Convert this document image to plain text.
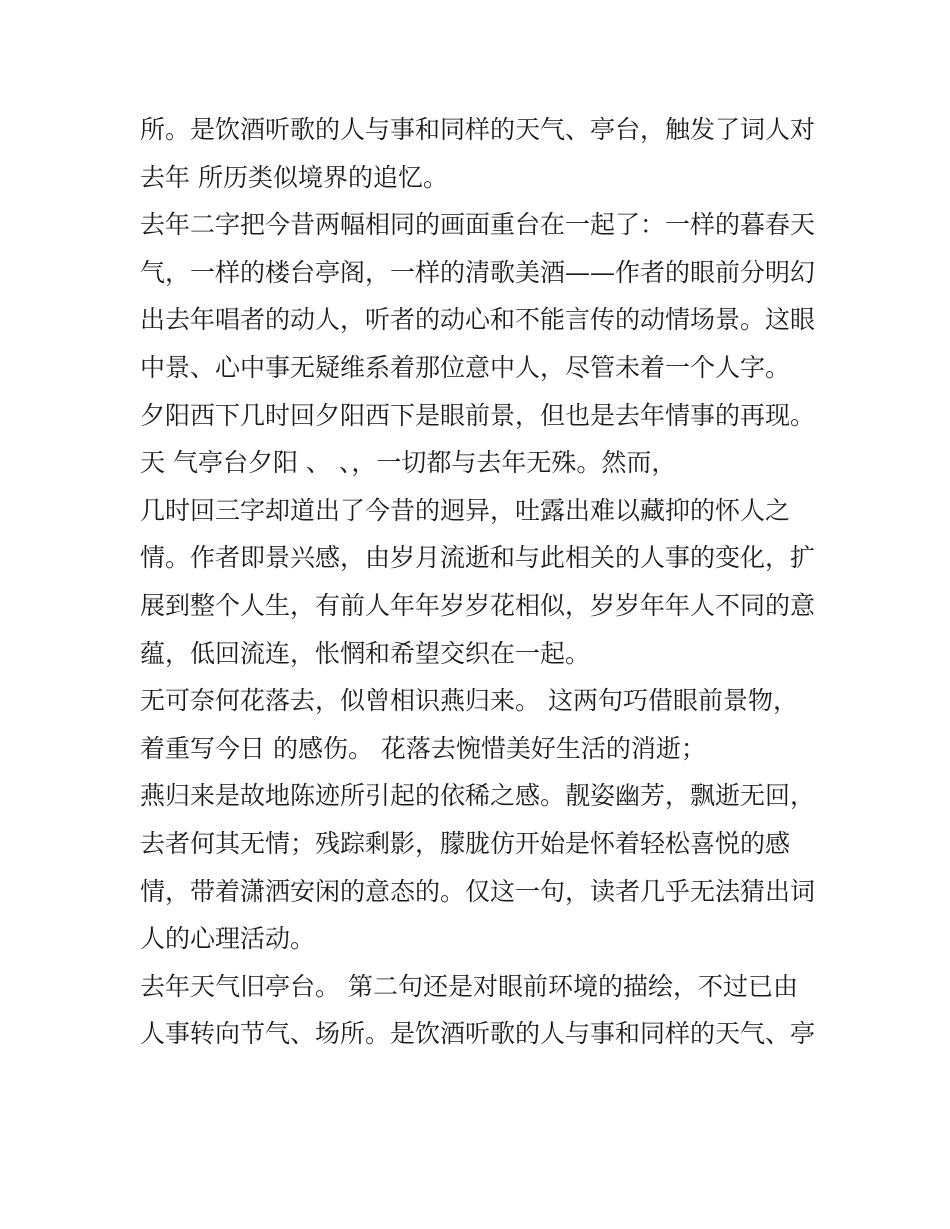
所。是饮酒听歌的人与事和同样的天气、亭台，触发了词人对
去年 所历类似境界的追忆。
去年二字把今昔两幅相同的画面重台在一起了：一样的暮春天
气，一样的楼台亭阁，一样的清歌美酒——作者的眼前分明幻
出去年唱者的动人，听者的动心和不能言传的动情场景。这眼
中景、心中事无疑维系着那位意中人，尽管未着一个人字。
夕阳西下几时回夕阳西下是眼前景，但也是去年情事的再现。
天 气亭台夕阳 、 、，一切都与去年无殊。然而，
几时回三字却道出了今昔的迥异，吐露出难以藏抑的怀人之
情。作者即景兴感，由岁月流逝和与此相关的人事的变化，扩
展到整个人生，有前人年年岁岁花相似，岁岁年年人不同的意
蕴，低回流连，怅惘和希望交织在一起。
无可奈何花落去，似曾相识燕归来。 这两句巧借眼前景物，
着重写今日 的感伤。 花落去惋惜美好生活的消逝；
燕归来是故地陈迹所引起的依稀之感。靓姿幽芳，飘逝无回，
去者何其无情；残踪剩影，朦胧仿开始是怀着轻松喜悦的感
情，带着潇洒安闲的意态的。仅这一句，读者几乎无法猜出词
人的心理活动。
去年天气旧亭台。 第二句还是对眼前环境的描绘，不过已由
人事转向节气、场所。是饮酒听歌的人与事和同样的天气、亭
